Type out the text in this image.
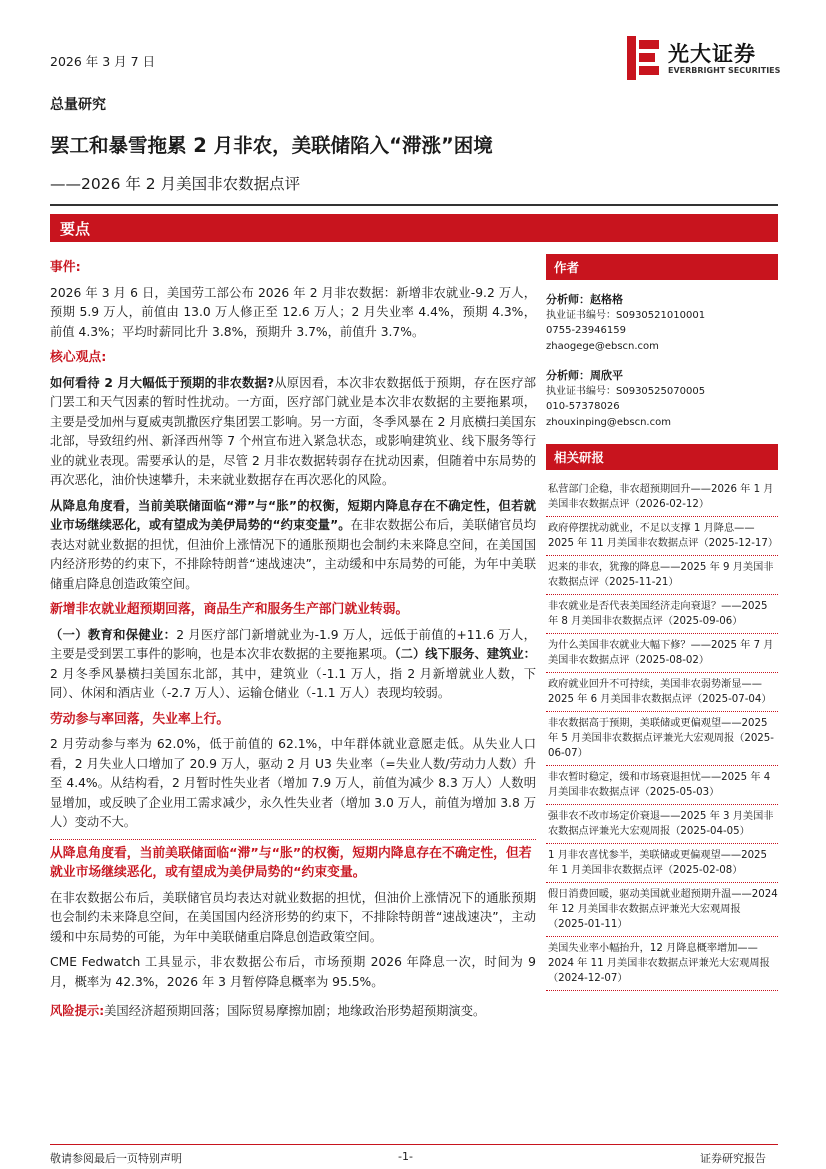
2026 年 3 月 7 日	光大证券
EVERBRIGHT SECURITIES
总量研究
罢工和暴雪拖累 2 月非农，美联储陷入“滞涨”困境
——2026 年 2 月美国非农数据点评
要点
事件:

2026 年 3 月 6 日，美国劳工部公布 2026 年 2 月非农数据：新增非农就业-9.2 万人，预期 5.9 万人，前值由 13.0 万人修正至 12.6 万人；2 月失业率 4.4%，预期 4.3%，前值 4.3%；平均时薪同比升 3.8%，预期升 3.7%，前值升 3.7%。

核心观点:

如何看待 2 月大幅低于预期的非农数据?从原因看，本次非农数据低于预期，存在医疗部门罢工和天气因素的暂时性扰动。一方面，医疗部门就业是本次非农数据的主要拖累项，主要是受加州与夏威夷凯撒医疗集团罢工影响。另一方面，冬季风暴在 2 月底横扫美国东北部，导致纽约州、新泽西州等 7 个州宣布进入紧急状态，或影响建筑业、线下服务等行业的就业表现。需要承认的是，尽管 2 月非农数据转弱存在扰动因素，但随着中东局势的再次恶化，油价快速攀升，未来就业数据存在再次恶化的风险。

从降息角度看，当前美联储面临“滞”与“胀”的权衡，短期内降息存在不确定性，但若就业市场继续恶化，或有望成为美伊局势的“约束变量”。在非农数据公布后，美联储官员均表达对就业数据的担忧，但油价上涨情况下的通胀预期也会制约未来降息空间，在美国国内经济形势的约束下，不排除特朗普“速战速决”，主动缓和中东局势的可能，为年中美联储重启降息创造政策空间。

新增非农就业超预期回落，商品生产和服务生产部门就业转弱。

（一）教育和保健业：2 月医疗部门新增就业为-1.9 万人，远低于前值的+11.6 万人，主要是受到罢工事件的影响，也是本次非农数据的主要拖累项。（二）线下服务、建筑业：2 月冬季风暴横扫美国东北部，其中，建筑业（-1.1 万人，指 2 月新增就业人数，下同）、休闲和酒店业（-2.7 万人）、运输仓储业（-1.1 万人）表现均较弱。

劳动参与率回落，失业率上行。

2 月劳动参与率为 62.0%，低于前值的 62.1%，中年群体就业意愿走低。从失业人口看，2 月失业人口增加了 20.9 万人，驱动 2 月 U3 失业率（=失业人数/劳动力人数）升至 4.4%。从结构看，2 月暂时性失业者（增加 7.9 万人，前值为减少 8.3 万人）人数明显增加，或反映了企业用工需求减少，永久性失业者（增加 3.0 万人，前值为增加 3.8 万人）变动不大。

从降息角度看，当前美联储面临“滞”与“胀”的权衡，短期内降息存在不确定性，但若就业市场继续恶化，或有望成为美伊局势的“约束变量。

在非农数据公布后，美联储官员均表达对就业数据的担忧，但油价上涨情况下的通胀预期也会制约未来降息空间，在美国国内经济形势的约束下，不排除特朗普“速战速决”，主动缓和中东局势的可能，为年中美联储重启降息创造政策空间。

CME Fedwatch 工具显示，非农数据公布后，市场预期 2026 年降息一次，时间为 9 月，概率为 42.3%，2026 年 3 月暂停降息概率为 95.5%。

风险提示:美国经济超预期回落；国际贸易摩擦加剧；地缘政治形势超预期演变。

作者
分析师：赵格格
执业证书编号：S0930521010001
0755-23946159
zhaogege@ebscn.com
分析师：周欣平
执业证书编号：S0930525070005
010-57378026
zhouxinping@ebscn.com
相关研报
私营部门企稳，非农超预期回升——2026 年 1 月美国非农数据点评（2026-02-12）
政府停摆扰动就业，不足以支撑 1 月降息——2025 年 11 月美国非农数据点评（2025-12-17）
迟来的非农，犹豫的降息——2025 年 9 月美国非农数据点评（2025-11-21）
非农就业是否代表美国经济走向衰退？——2025 年 8 月美国非农数据点评（2025-09-06）
为什么美国非农就业大幅下修？——2025 年 7 月美国非农数据点评（2025-08-02）
政府就业回升不可持续，美国非农弱势渐显——2025 年 6 月美国非农数据点评（2025-07-04）
非农数据高于预期，美联储或更偏观望——2025 年 5 月美国非农数据点评兼光大宏观周报（2025-06-07）
非农暂时稳定，缓和市场衰退担忧——2025 年 4 月美国非农数据点评（2025-05-03）
强非农不改市场定价衰退——2025 年 3 月美国非农数据点评兼光大宏观周报（2025-04-05）
1 月非农喜忧参半，美联储或更偏观望——2025 年 1 月美国非农数据点评（2025-02-08）
假日消费回暖，驱动美国就业超预期升温——2024 年 12 月美国非农数据点评兼光大宏观周报（2025-01-11）
美国失业率小幅抬升，12 月降息概率增加——2024 年 11 月美国非农数据点评兼光大宏观周报（2024-12-07）
敬请参阅最后一页特别声明	-1-	证券研究报告
